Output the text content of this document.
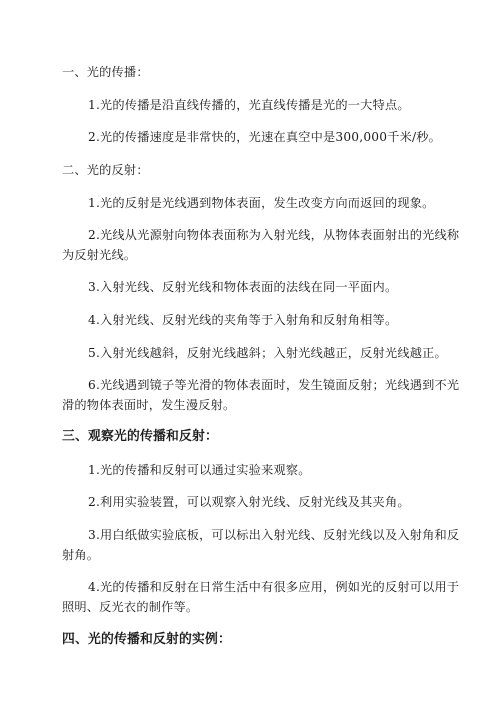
一、光的传播：
1.光的传播是沿直线传播的，光直线传播是光的一大特点。
2.光的传播速度是非常快的，光速在真空中是300,000千米/秒。
二、光的反射：
1.光的反射是光线遇到物体表面，发生改变方向而返回的现象。
2.光线从光源射向物体表面称为入射光线，从物体表面射出的光线称
为反射光线。
3.入射光线、反射光线和物体表面的法线在同一平面内。
4.入射光线、反射光线的夹角等于入射角和反射角相等。
5.入射光线越斜，反射光线越斜；入射光线越正，反射光线越正。
6.光线遇到镜子等光滑的物体表面时，发生镜面反射；光线遇到不光
滑的物体表面时，发生漫反射。
三、观察光的传播和反射：
1.光的传播和反射可以通过实验来观察。
2.利用实验装置，可以观察入射光线、反射光线及其夹角。
3.用白纸做实验底板，可以标出入射光线、反射光线以及入射角和反
射角。
4.光的传播和反射在日常生活中有很多应用，例如光的反射可以用于
照明、反光衣的制作等。
四、光的传播和反射的实例：
